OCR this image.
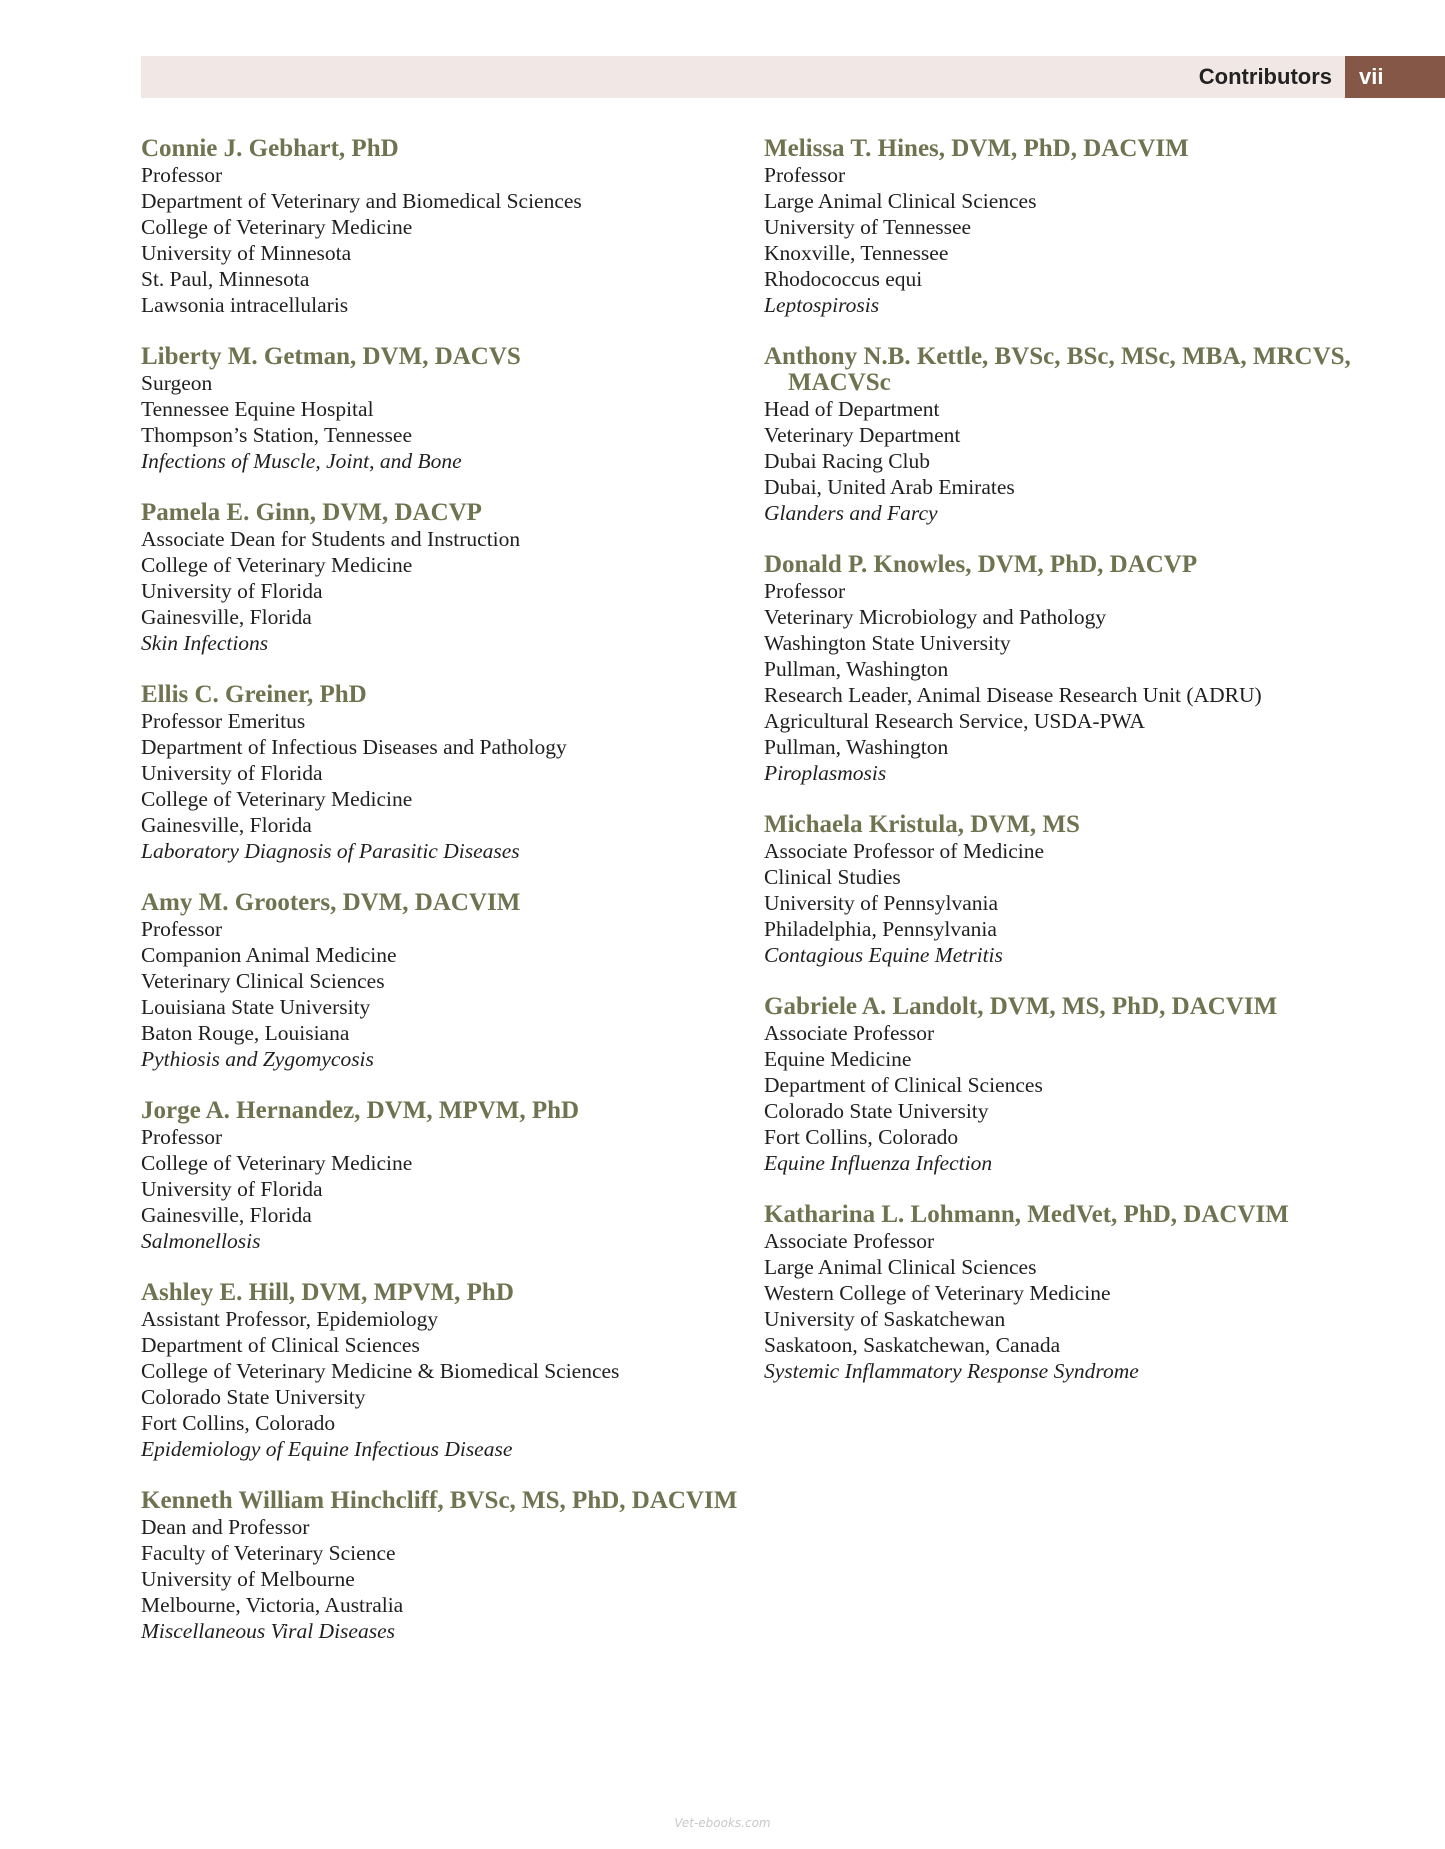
Contributors	vii
Connie J. Gebhart, PhD
Professor
Department of Veterinary and Biomedical Sciences
College of Veterinary Medicine
University of Minnesota
St. Paul, Minnesota
Lawsonia intracellularis
Liberty M. Getman, DVM, DACVS
Surgeon
Tennessee Equine Hospital
Thompson’s Station, Tennessee
Infections of Muscle, Joint, and Bone
Pamela E. Ginn, DVM, DACVP
Associate Dean for Students and Instruction
College of Veterinary Medicine
University of Florida
Gainesville, Florida
Skin Infections
Ellis C. Greiner, PhD
Professor Emeritus
Department of Infectious Diseases and Pathology
University of Florida
College of Veterinary Medicine
Gainesville, Florida
Laboratory Diagnosis of Parasitic Diseases
Amy M. Grooters, DVM, DACVIM
Professor
Companion Animal Medicine
Veterinary Clinical Sciences
Louisiana State University
Baton Rouge, Louisiana
Pythiosis and Zygomycosis
Jorge A. Hernandez, DVM, MPVM, PhD
Professor
College of Veterinary Medicine
University of Florida
Gainesville, Florida
Salmonellosis
Ashley E. Hill, DVM, MPVM, PhD
Assistant Professor, Epidemiology
Department of Clinical Sciences
College of Veterinary Medicine & Biomedical Sciences
Colorado State University
Fort Collins, Colorado
Epidemiology of Equine Infectious Disease
Kenneth William Hinchcliff, BVSc, MS, PhD, DACVIM
Dean and Professor
Faculty of Veterinary Science
University of Melbourne
Melbourne, Victoria, Australia
Miscellaneous Viral Diseases
Melissa T. Hines, DVM, PhD, DACVIM
Professor
Large Animal Clinical Sciences
University of Tennessee
Knoxville, Tennessee
Rhodococcus equi
Leptospirosis
Anthony N.B. Kettle, BVSc, BSc, MSc, MBA, MRCVS, MACVSc
Head of Department
Veterinary Department
Dubai Racing Club
Dubai, United Arab Emirates
Glanders and Farcy
Donald P. Knowles, DVM, PhD, DACVP
Professor
Veterinary Microbiology and Pathology
Washington State University
Pullman, Washington
Research Leader, Animal Disease Research Unit (ADRU)
Agricultural Research Service, USDA-PWA
Pullman, Washington
Piroplasmosis
Michaela Kristula, DVM, MS
Associate Professor of Medicine
Clinical Studies
University of Pennsylvania
Philadelphia, Pennsylvania
Contagious Equine Metritis
Gabriele A. Landolt, DVM, MS, PhD, DACVIM
Associate Professor
Equine Medicine
Department of Clinical Sciences
Colorado State University
Fort Collins, Colorado
Equine Influenza Infection
Katharina L. Lohmann, MedVet, PhD, DACVIM
Associate Professor
Large Animal Clinical Sciences
Western College of Veterinary Medicine
University of Saskatchewan
Saskatoon, Saskatchewan, Canada
Systemic Inflammatory Response Syndrome
Vet-ebooks.com
